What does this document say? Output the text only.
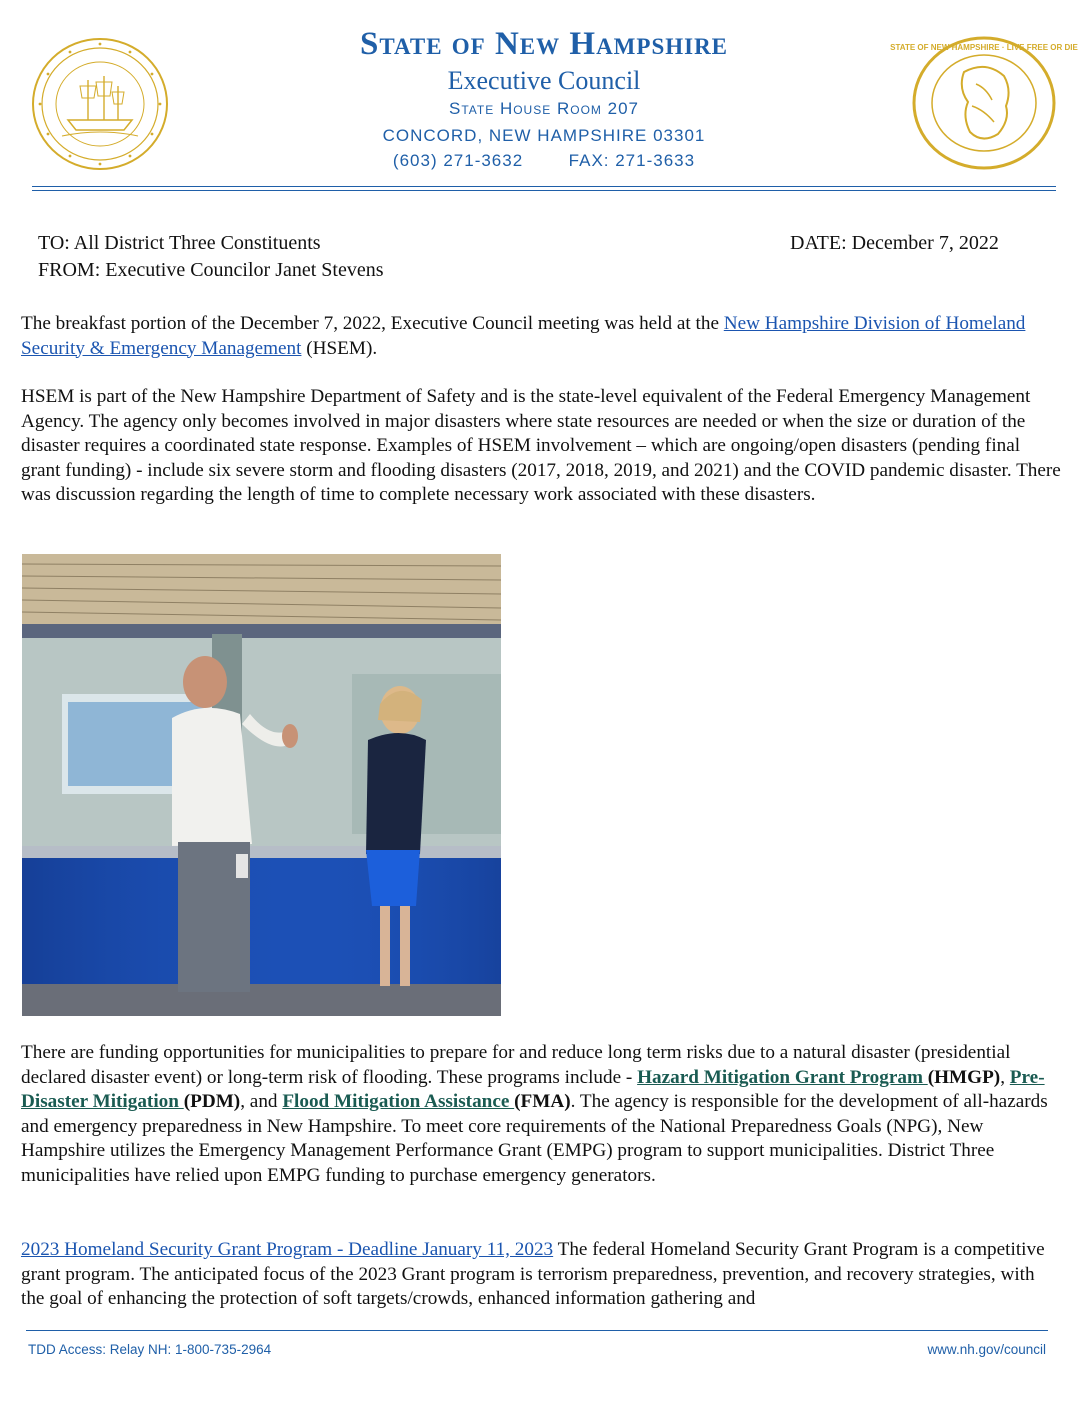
STATE OF NEW HAMPSHIRE · LIVE FREE OR DIE
State of New Hampshire
Executive Council
State House Room 207
CONCORD, NEW HAMPSHIRE 03301
(603) 271-3632	FAX: 271-3633
TO: All District Three Constituents
FROM: Executive Councilor Janet Stevens
DATE: December 7, 2022
The breakfast portion of the December 7, 2022, Executive Council meeting was held at the New Hampshire Division of Homeland Security & Emergency Management (HSEM).
HSEM is part of the New Hampshire Department of Safety and is the state-level equivalent of the Federal Emergency Management Agency. The agency only becomes involved in major disasters where state resources are needed or when the size or duration of the disaster requires a coordinated state response. Examples of HSEM involvement – which are ongoing/open disasters (pending final grant funding) - include six severe storm and flooding disasters (2017, 2018, 2019, and 2021) and the COVID pandemic disaster. There was discussion regarding the length of time to complete necessary work associated with these disasters.
There are funding opportunities for municipalities to prepare for and reduce long term risks due to a natural disaster (presidential declared disaster event) or long-term risk of flooding. These programs include - Hazard Mitigation Grant Program (HMGP), Pre-Disaster Mitigation (PDM), and Flood Mitigation Assistance (FMA). The agency is responsible for the development of all-hazards and emergency preparedness in New Hampshire. To meet core requirements of the National Preparedness Goals (NPG), New Hampshire utilizes the Emergency Management Performance Grant (EMPG) program to support municipalities. District Three municipalities have relied upon EMPG funding to purchase emergency generators.
2023 Homeland Security Grant Program - Deadline January 11, 2023 The federal Homeland Security Grant Program is a competitive grant program. The anticipated focus of the 2023 Grant program is terrorism preparedness, prevention, and recovery strategies, with the goal of enhancing the protection of soft targets/crowds, enhanced information gathering and
TDD Access: Relay NH: 1-800-735-2964	www.nh.gov/council
